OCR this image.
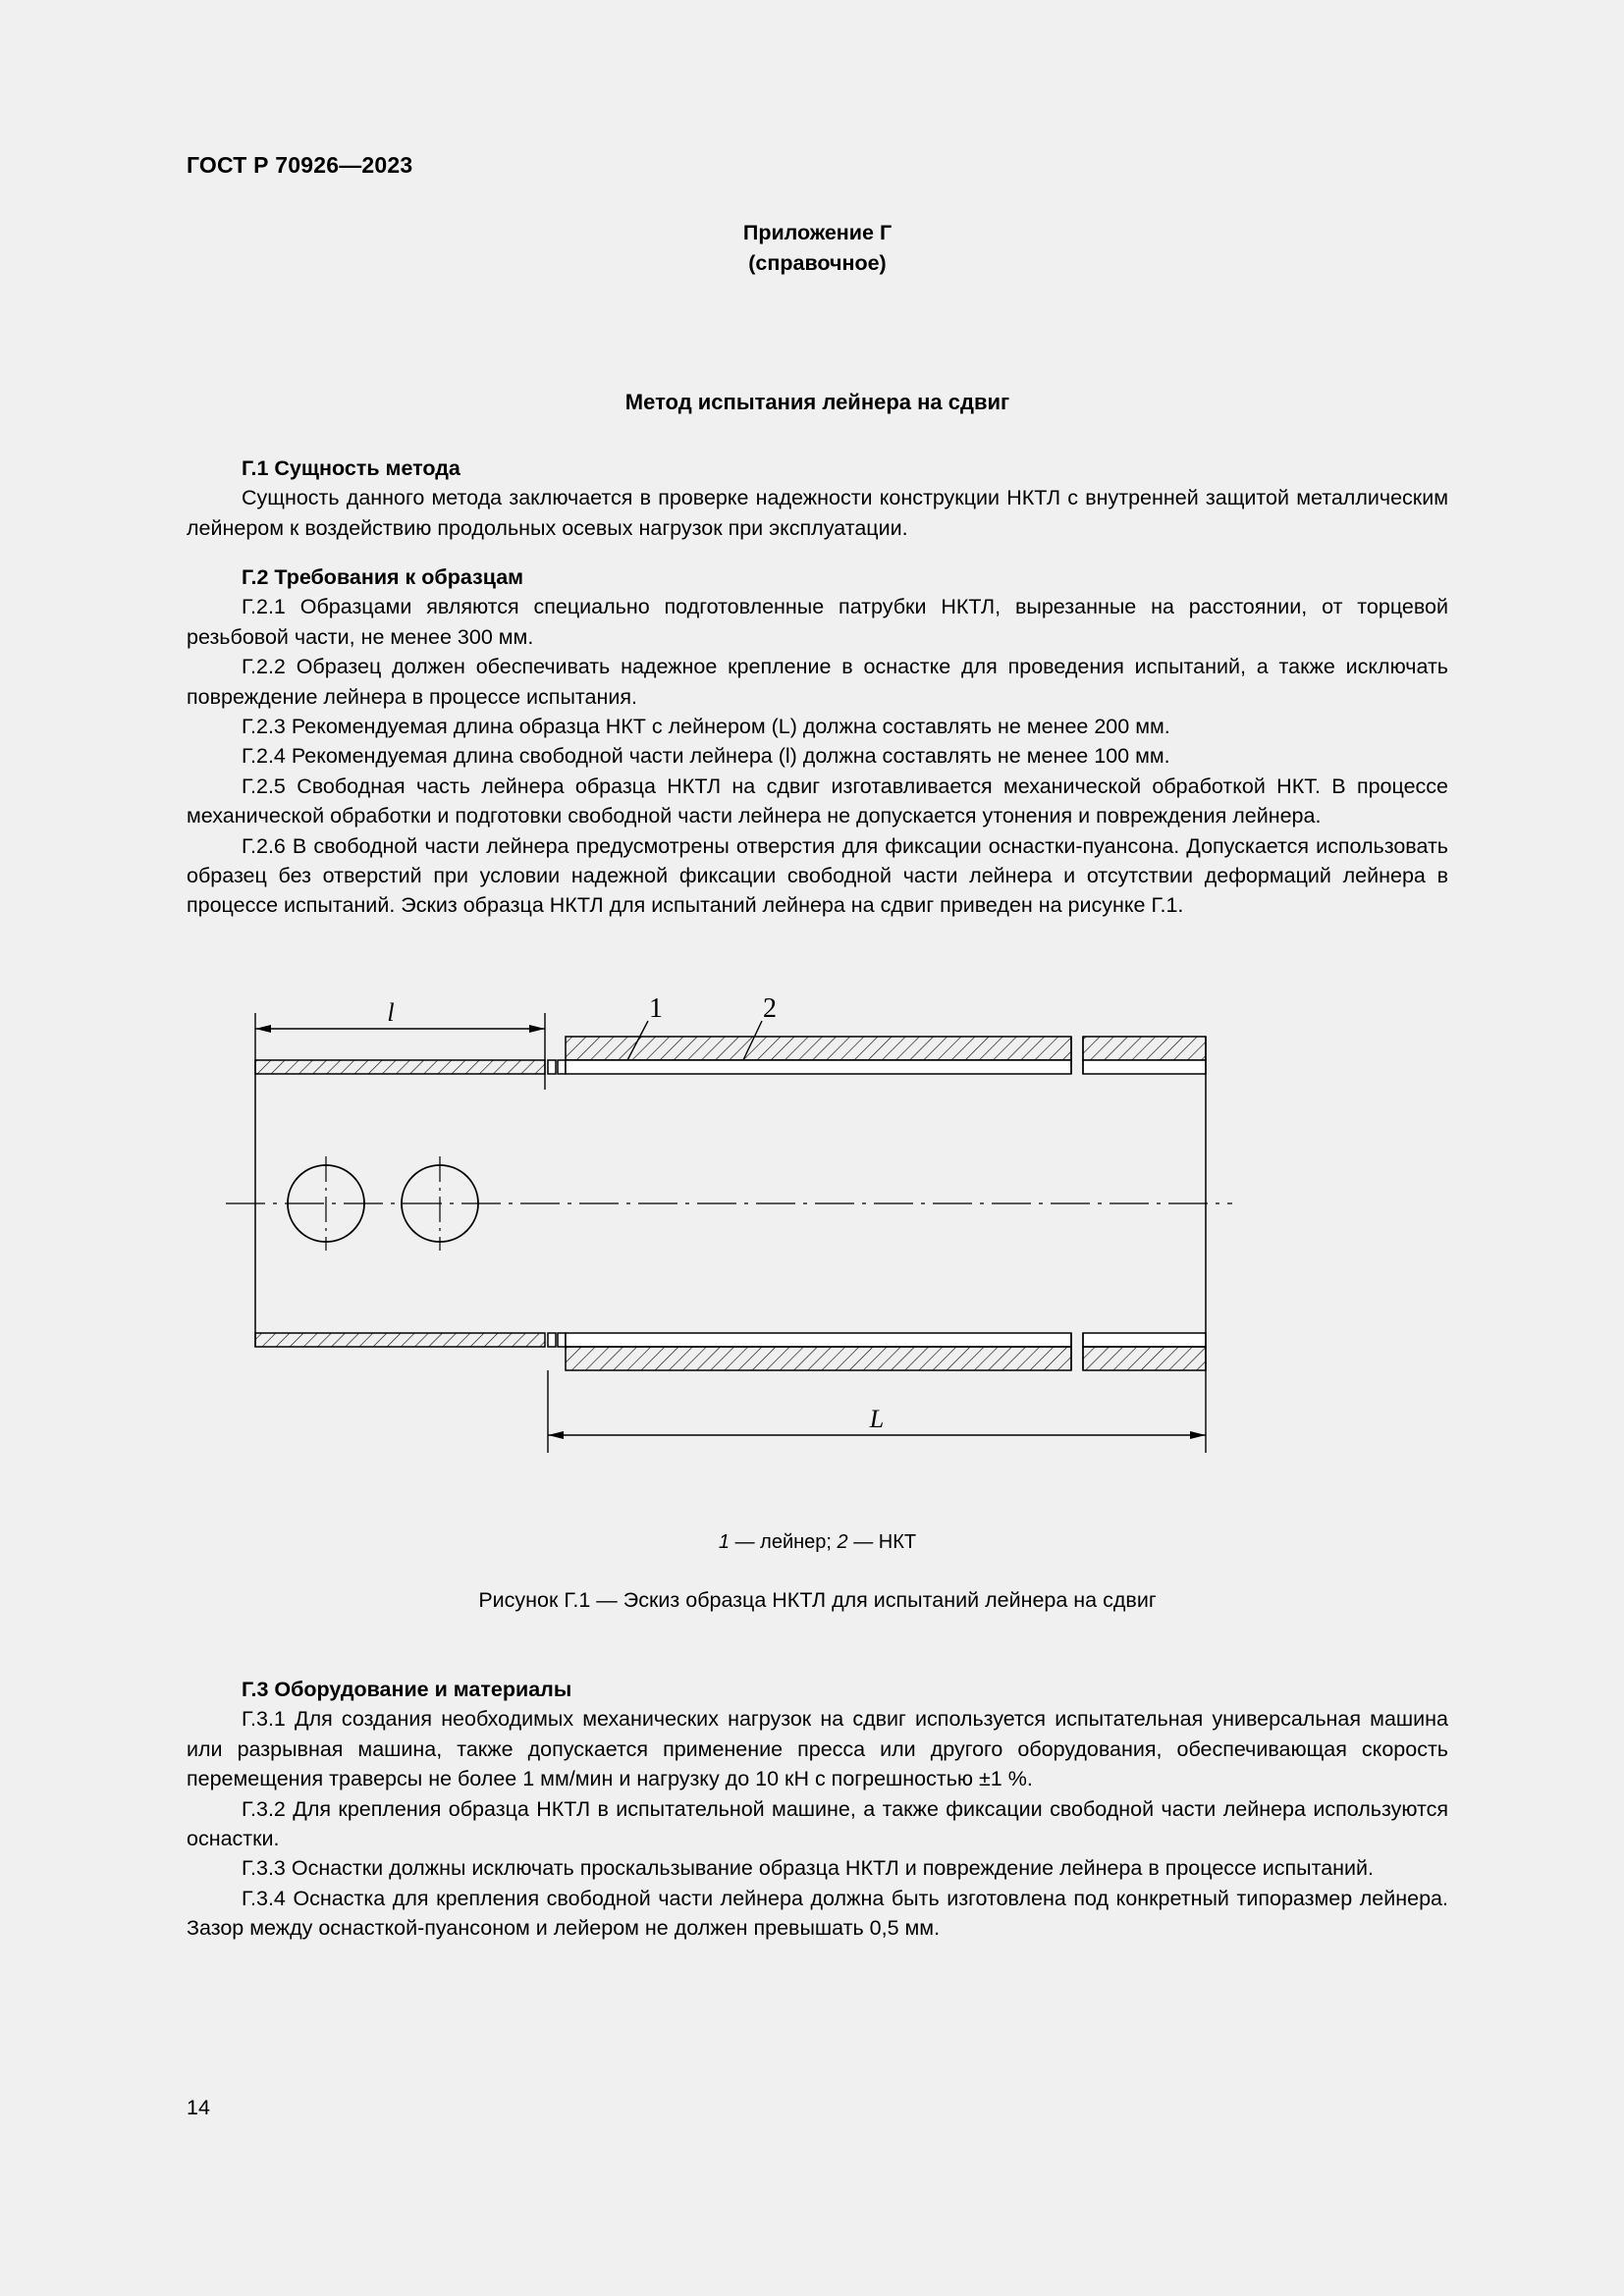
ГОСТ Р 70926—2023
Приложение Г
(справочное)
Метод испытания лейнера на сдвиг

Г.1 Сущность метода

Сущность данного метода заключается в проверке надежности конструкции НКТЛ с внутренней защитой металлическим лейнером к воздействию продольных осевых нагрузок при эксплуатации.

Г.2 Требования к образцам

Г.2.1 Образцами являются специально подготовленные патрубки НКТЛ, вырезанные на расстоянии, от торцевой резьбовой части, не менее 300 мм.

Г.2.2 Образец должен обеспечивать надежное крепление в оснастке для проведения испытаний, а также исключать повреждение лейнера в процессе испытания.

Г.2.3 Рекомендуемая длина образца НКТ с лейнером (L) должна составлять не менее 200 мм.

Г.2.4 Рекомендуемая длина свободной части лейнера (l) должна составлять не менее 100 мм.

Г.2.5 Свободная часть лейнера образца НКТЛ на сдвиг изготавливается механической обработкой НКТ. В процессе механической обработки и подготовки свободной части лейнера не допускается утонения и повреждения лейнера.

Г.2.6 В свободной части лейнера предусмотрены отверстия для фиксации оснастки-пуансона. Допускается использовать образец без отверстий при условии надежной фиксации свободной части лейнера и отсутствии деформаций лейнера в процессе испытаний. Эскиз образца НКТЛ для испытаний лейнера на сдвиг приведен на рисунке Г.1.

l	1	2
L
1 — лейнер; 2 — НКТ
Рисунок Г.1 — Эскиз образца НКТЛ для испытаний лейнера на сдвиг

Г.3 Оборудование и материалы

Г.3.1 Для создания необходимых механических нагрузок на сдвиг используется испытательная универсальная машина или разрывная машина, также допускается применение пресса или другого оборудования, обеспечивающая скорость перемещения траверсы не более 1 мм/мин и нагрузку до 10 кН с погрешностью ±1 %.

Г.3.2 Для крепления образца НКТЛ в испытательной машине, а также фиксации свободной части лейнера используются оснастки.

Г.3.3 Оснастки должны исключать проскальзывание образца НКТЛ и повреждение лейнера в процессе испытаний.

Г.3.4 Оснастка для крепления свободной части лейнера должна быть изготовлена под конкретный типоразмер лейнера. Зазор между оснасткой-пуансоном и лейером не должен превышать 0,5 мм.

14
